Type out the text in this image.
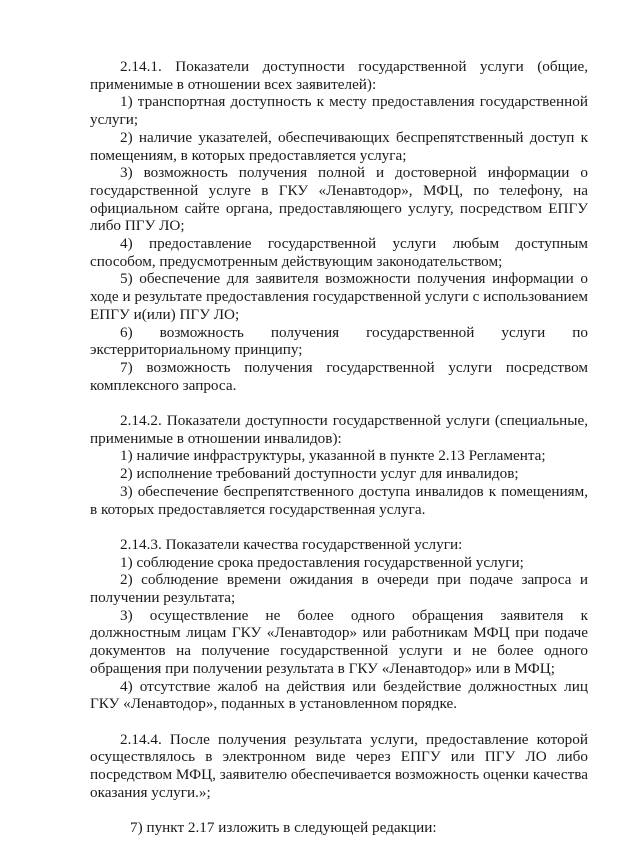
2.14.1. Показатели доступности государственной услуги (общие, применимые в отношении всех заявителей):

1) транспортная доступность к месту предоставления государственной услуги;

2) наличие указателей, обеспечивающих беспрепятственный доступ к помещениям, в которых предоставляется услуга;

3) возможность получения полной и достоверной информации о государственной услуге в ГКУ «Ленавтодор», МФЦ, по телефону, на официальном сайте органа, предоставляющего услугу, посредством ЕПГУ либо ПГУ ЛО;

4) предоставление государственной услуги любым доступным способом, предусмотренным действующим законодательством;

5) обеспечение для заявителя возможности получения информации о ходе и результате предоставления государственной услуги с использованием ЕПГУ и(или) ПГУ ЛО;

6) возможность получения государственной услуги по экстерриториальному принципу;

7) возможность получения государственной услуги посредством комплексного запроса.

2.14.2. Показатели доступности государственной услуги (специальные, применимые в отношении инвалидов):

1) наличие инфраструктуры, указанной в пункте 2.13 Регламента;

2) исполнение требований доступности услуг для инвалидов;

3) обеспечение беспрепятственного доступа инвалидов к помещениям, в которых предоставляется государственная услуга.

2.14.3. Показатели качества государственной услуги:

1) соблюдение срока предоставления государственной услуги;

2) соблюдение времени ожидания в очереди при подаче запроса и получении результата;

3) осуществление не более одного обращения заявителя к должностным лицам ГКУ «Ленавтодор» или работникам МФЦ при подаче документов на получение государственной услуги и не более одного обращения при получении результата в ГКУ «Ленавтодор» или в МФЦ;

4) отсутствие жалоб на действия или бездействие должностных лиц ГКУ «Ленавтодор», поданных в установленном порядке.

2.14.4. После получения результата услуги, предоставление которой осуществлялось в электронном виде через ЕПГУ или ПГУ ЛО либо посредством МФЦ, заявителю обеспечивается возможность оценки качества оказания услуги.»;

7) пункт 2.17 изложить в следующей редакции:
